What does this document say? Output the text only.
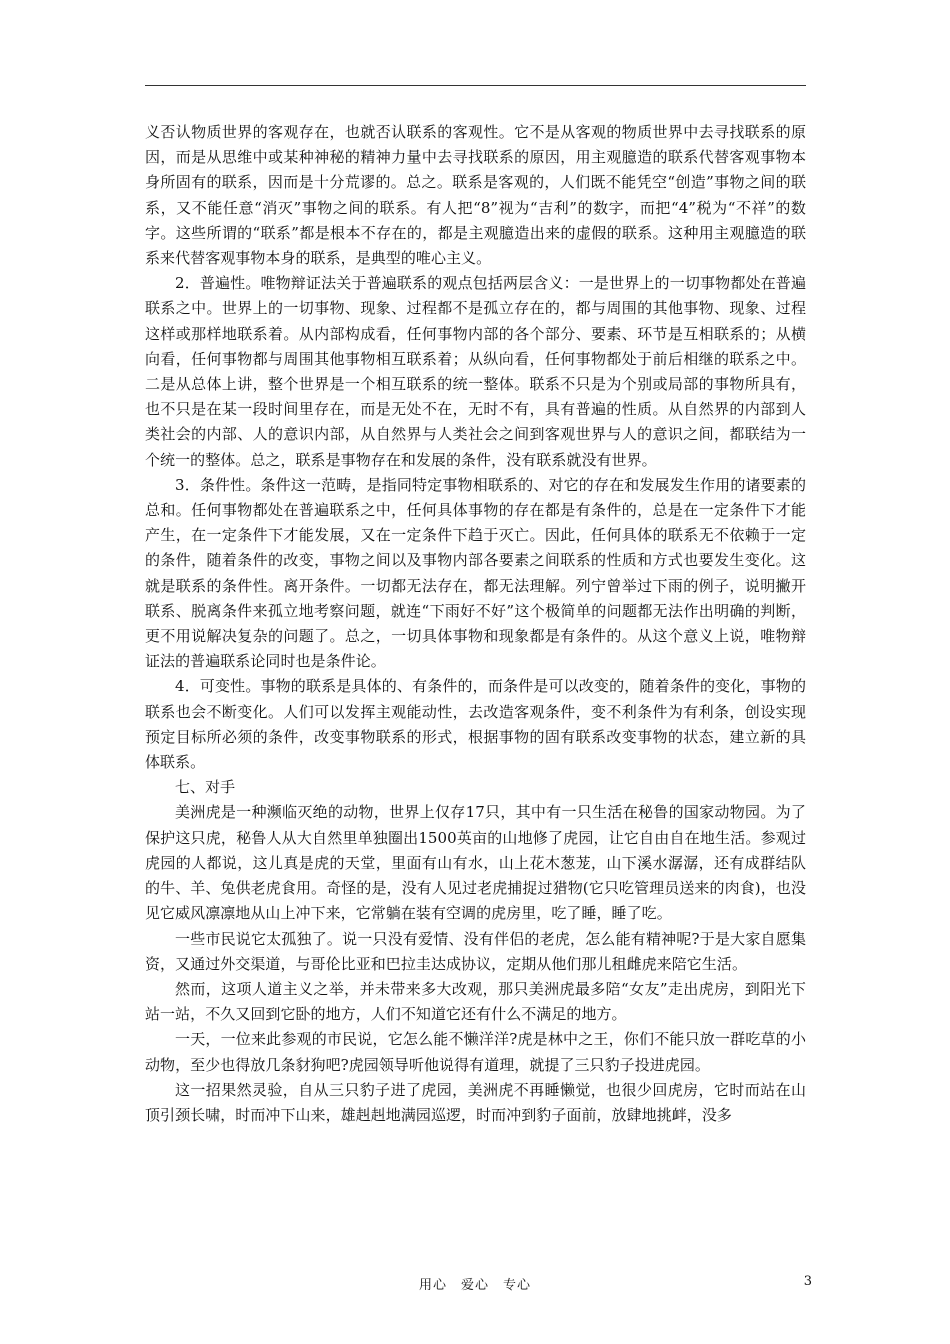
义否认物质世界的客观存在，也就否认联系的客观性。它不是从客观的物质世界中去寻找联系的原因，而是从思维中或某种神秘的精神力量中去寻找联系的原因，用主观臆造的联系代替客观事物本身所固有的联系，因而是十分荒谬的。总之。联系是客观的，人们既不能凭空“创造”事物之间的联系，又不能任意“消灭”事物之间的联系。有人把“8”视为“吉利”的数字，而把“4”税为“不祥”的数字。这些所谓的“联系”都是根本不存在的，都是主观臆造出来的虚假的联系。这种用主观臆造的联系来代替客观事物本身的联系，是典型的唯心主义。

2．普遍性。唯物辩证法关于普遍联系的观点包括两层含义：一是世界上的一切事物都处在普遍联系之中。世界上的一切事物、现象、过程都不是孤立存在的，都与周围的其他事物、现象、过程这样或那样地联系着。从内部构成看，任何事物内部的各个部分、要素、环节是互相联系的；从横向看，任何事物都与周围其他事物相互联系着；从纵向看，任何事物都处于前后相继的联系之中。二是从总体上讲，整个世界是一个相互联系的统一整体。联系不只是为个别或局部的事物所具有，也不只是在某一段时间里存在，而是无处不在，无时不有，具有普遍的性质。从自然界的内部到人类社会的内部、人的意识内部，从自然界与人类社会之间到客观世界与人的意识之间，都联结为一个统一的整体。总之，联系是事物存在和发展的条件，没有联系就没有世界。

3．条件性。条件这一范畴，是指同特定事物相联系的、对它的存在和发展发生作用的诸要素的总和。任何事物都处在普遍联系之中，任何具体事物的存在都是有条件的，总是在一定条件下才能产生，在一定条件下才能发展，又在一定条件下趋于灭亡。因此，任何具体的联系无不依赖于一定的条件，随着条件的改变，事物之间以及事物内部各要素之间联系的性质和方式也要发生变化。这就是联系的条件性。离开条件。一切都无法存在，都无法理解。列宁曾举过下雨的例子，说明撇开联系、脱离条件来孤立地考察问题，就连“下雨好不好”这个极简单的问题都无法作出明确的判断，更不用说解决复杂的问题了。总之，一切具体事物和现象都是有条件的。从这个意义上说，唯物辩证法的普遍联系论同时也是条件论。

4．可变性。事物的联系是具体的、有条件的，而条件是可以改变的，随着条件的变化，事物的联系也会不断变化。人们可以发挥主观能动性，去改造客观条件，变不利条件为有利条，创设实现预定目标所必须的条件，改变事物联系的形式，根据事物的固有联系改变事物的状态，建立新的具体联系。

七、对手

美洲虎是一种濒临灭绝的动物，世界上仅存17只，其中有一只生活在秘鲁的国家动物园。为了保护这只虎，秘鲁人从大自然里单独圈出1500英亩的山地修了虎园，让它自由自在地生活。参观过虎园的人都说，这儿真是虎的天堂，里面有山有水，山上花木葱茏，山下溪水潺潺，还有成群结队的牛、羊、兔供老虎食用。奇怪的是，没有人见过老虎捕捉过猎物(它只吃管理员送来的肉食)，也没见它威风凛凛地从山上冲下来，它常躺在装有空调的虎房里，吃了睡，睡了吃。

一些市民说它太孤独了。说一只没有爱情、没有伴侣的老虎，怎么能有精神呢?于是大家自愿集资，又通过外交渠道，与哥伦比亚和巴拉圭达成协议，定期从他们那儿租雌虎来陪它生活。

然而，这项人道主义之举，并未带来多大改观，那只美洲虎最多陪“女友”走出虎房，到阳光下站一站，不久又回到它卧的地方，人们不知道它还有什么不满足的地方。

一天，一位来此参观的市民说，它怎么能不懒洋洋?虎是林中之王，你们不能只放一群吃草的小动物，至少也得放几条豺狗吧?虎园领导听他说得有道理，就提了三只豹子投进虎园。

这一招果然灵验，自从三只豹子进了虎园，美洲虎不再睡懒觉，也很少回虎房，它时而站在山顶引颈长啸，时而冲下山来，雄赳赳地满园巡逻，时而冲到豹子面前，放肆地挑衅，没多

用心　爱心　专心	3
